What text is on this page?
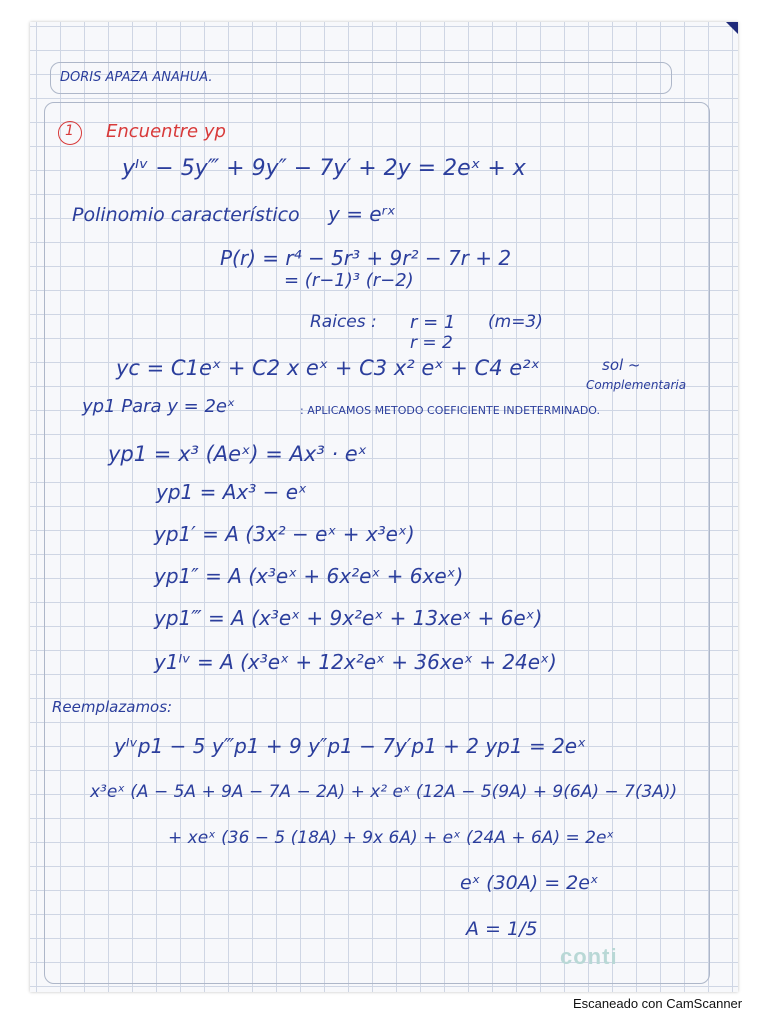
DORIS APAZA ANAHUA.
1 Encuentre yp
yᴵᵛ − 5y‴ + 9y″ − 7y′ + 2y = 2eˣ + x
Polinomio característico y = eʳˣ
P(r) = r⁴ − 5r³ + 9r² − 7r + 2
= (r−1)³ (r−2)
Raices : r = 1 (m=3)
r = 2
yc = C1eˣ + C2 x eˣ + C3 x² eˣ + C4 e²ˣ	sol ~
Complementaria
yp1 Para y = 2eˣ	: APLICAMOS METODO COEFICIENTE INDETERMINADO.
yp1 = x³ (Aeˣ) = Ax³ · eˣ
yp1 = Ax³ − eˣ
yp1′ = A (3x² − eˣ + x³eˣ)
yp1″ = A (x³eˣ + 6x²eˣ + 6xeˣ)
yp1‴ = A (x³eˣ + 9x²eˣ + 13xeˣ + 6eˣ)
y1ᴵᵛ = A (x³eˣ + 12x²eˣ + 36xeˣ + 24eˣ)
Reemplazamos:
yᴵᵛp1 − 5 y‴p1 + 9 y″p1 − 7y′p1 + 2 yp1 = 2eˣ
x³eˣ (A − 5A + 9A − 7A − 2A) + x² eˣ (12A − 5(9A) + 9(6A) − 7(3A))
+ xeˣ (36 − 5 (18A) + 9x 6A) + eˣ (24A + 6A) = 2eˣ
eˣ (30A) = 2eˣ
A = 1/5
conti
Escaneado con CamScanner
